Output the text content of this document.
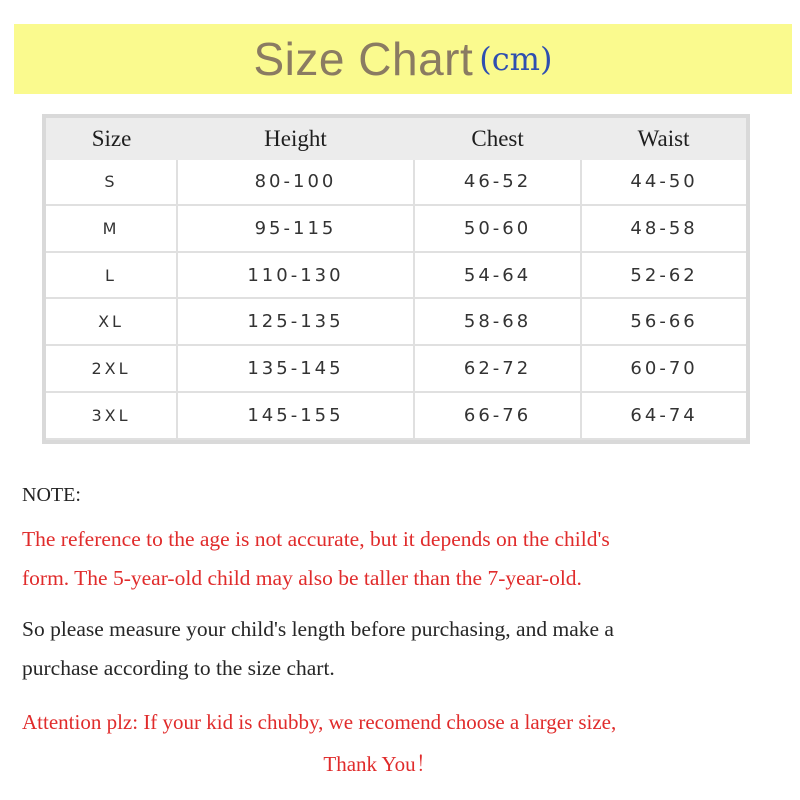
Size Chart (cm)
Size	Height	Chest	Waist
S	80-100	46-52	44-50
M	95-115	50-60	48-58
L	110-130	54-64	52-62
XL	125-135	58-68	56-66
2XL	135-145	62-72	60-70
3XL	145-155	66-76	64-74
NOTE:
The reference to the age is not accurate, but it depends on the child's
form. The 5-year-old child may also be taller than the 7-year-old.
So please measure your child's length before purchasing, and make a
purchase according to the size chart.
Attention plz: If your kid is chubby, we recomend choose a larger size,
Thank You！
